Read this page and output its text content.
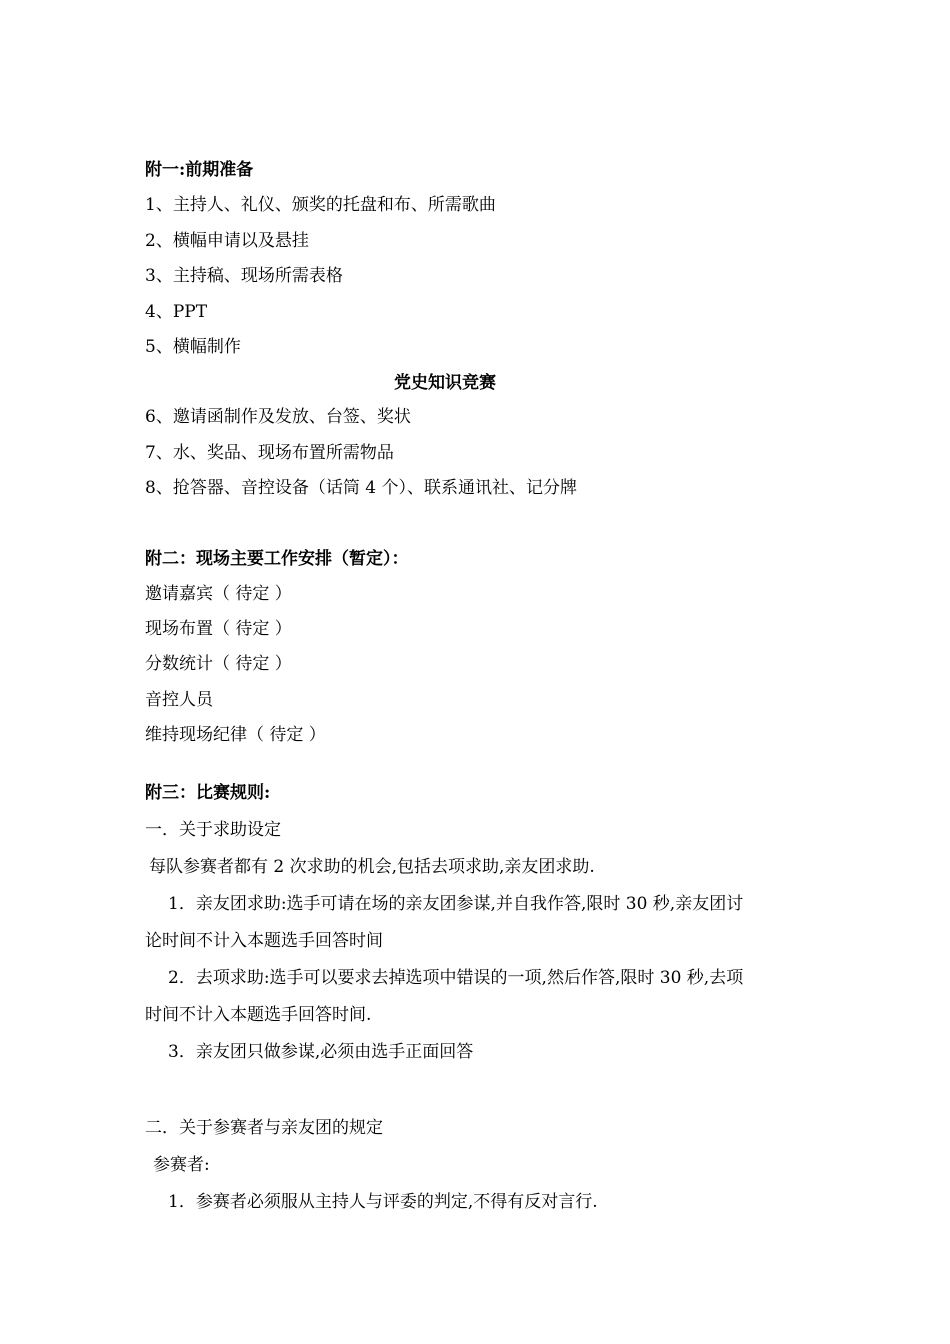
附一:前期准备

1、主持人、礼仪、颁奖的托盘和布、所需歌曲

2、横幅申请以及悬挂

3、主持稿、现场所需表格

4、PPT

5、横幅制作

党史知识竞赛

6、邀请函制作及发放、台签、奖状

7、水、奖品、现场布置所需物品

8、抢答器、音控设备（话筒 4 个）、联系通讯社、记分牌

附二：现场主要工作安排（暂定）：

邀请嘉宾（ 待定 ）

现场布置（ 待定 ）

分数统计（ 待定 ）

音控人员

维持现场纪律（ 待定 ）

附三：比赛规则:

一．关于求助设定

每队参赛者都有 2 次求助的机会,包括去项求助,亲友团求助.

1．亲友团求助:选手可请在场的亲友团参谋,并自我作答,限时 30 秒,亲友团讨

论时间不计入本题选手回答时间

2．去项求助:选手可以要求去掉选项中错误的一项,然后作答,限时 30 秒,去项

时间不计入本题选手回答时间.

3．亲友团只做参谋,必须由选手正面回答

二．关于参赛者与亲友团的规定

参赛者:

1．参赛者必须服从主持人与评委的判定,不得有反对言行.
